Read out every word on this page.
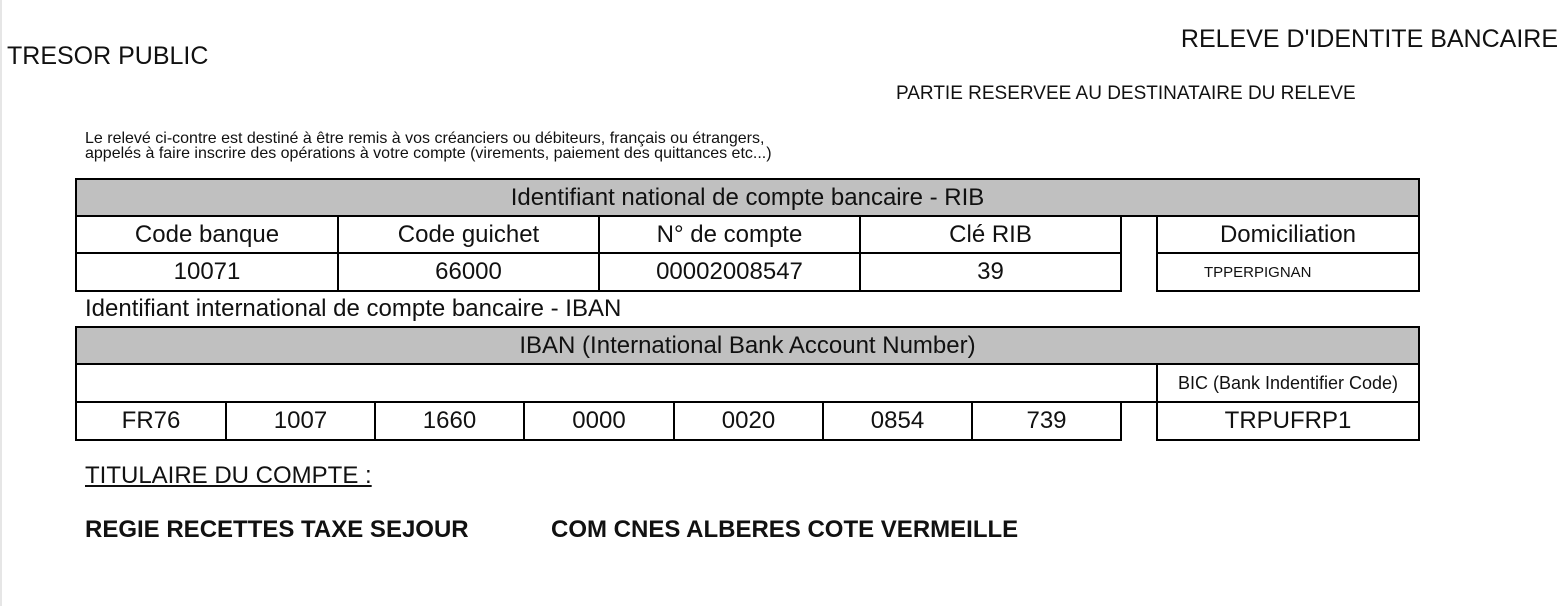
TRESOR PUBLIC
RELEVE D'IDENTITE BANCAIRE
PARTIE RESERVEE AU DESTINATAIRE DU RELEVE
Le relevé ci-contre est destiné à être remis à vos créanciers ou débiteurs, français ou étrangers,
appelés à faire inscrire des opérations à votre compte (virements, paiement des quittances etc...)
Identifiant national de compte bancaire - RIB
Code banque	Code guichet	N° de compte	Clé RIB	Domiciliation
10071	66000	00002008547	39	TPPERPIGNAN
Identifiant international de compte bancaire - IBAN
IBAN (International Bank Account Number)
BIC (Bank Indentifier Code)
FR76	1007	1660	0000	0020	0854	739	TRPUFRP1
TITULAIRE DU COMPTE :
REGIE RECETTES TAXE SEJOUR	COM CNES ALBERES COTE VERMEILLE
